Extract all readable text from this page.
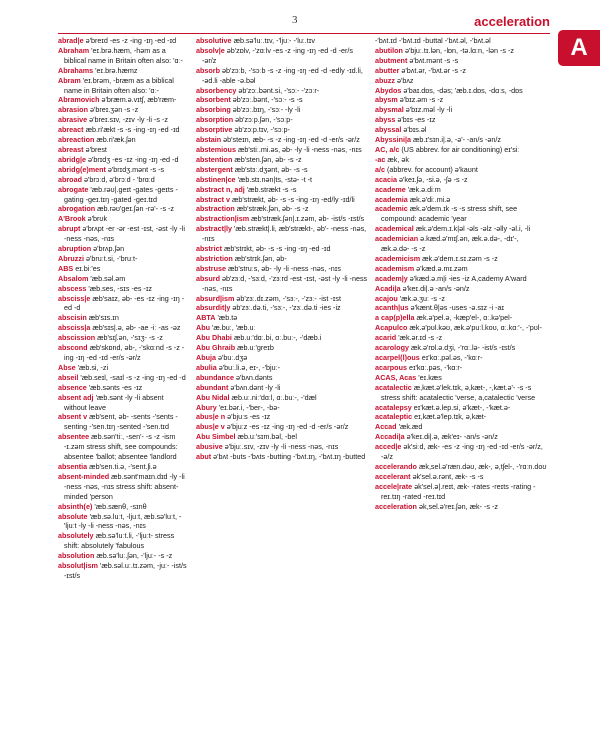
3	acceleration
A

abrad|e ə'breɪd -es -z -ing -ɪŋ -ed -ɪd

Abraham 'eɪ.brə.hæm, -həm as a biblical name in Britain often also: 'ɑː-

Abrahams 'eɪ.brə.hæmz

Abram 'eɪ.brəm, -bræm as a biblical name in Britain often also: 'ɑː-

Abramovich ə'bræm.ə.vɪtʃ, æb'ræm-

abrasion ə'breɪ.ʒən -s -z

abrasive ə'breɪ.sɪv, -zɪv -ly -li -s -z

abreact æb.ri'ækt -s -s -ing -ɪŋ -ed -ɪd

abreaction æb.ri'æk.ʃən

abreast ə'brest

abridg|e ə'brɪdʒ -es -ɪz -ing -ɪŋ -ed -d

abridg(e)ment ə'brɪdʒ.mənt -s -s

abroad ə'brɔːd, ə'brɔːd - 'brɑːd

abrogate 'æb.rəʊ|.geɪt -gates -geɪts -gating -geɪ.tɪŋ -gated -geɪ.tɪd

abrogation æb.rəʊ'geɪ.ʃən -rə'- -s -z

A'Brook ə'brʊk

abrupt ə'brʌpt -er -ər -est -ɪst, -əst -ly -li -ness -nəs, -nɪs

abruption ə'brʌp.ʃən

Abruzzi ə'bruːt.si, -'bruːt-

ABS eɪ.biː'es

Absalom 'æb.səl.əm

abscess 'æb.ses, -sɪs -es -ɪz

absciss|e æb'saɪz, əb- -es -ɪz -ing -ɪŋ -ed -d

abscisin æb'sɪs.ɪn

absciss|a æb'sɪs|.ə, əb- -ae -iː -as -əz

abscission æb'sɪʃ.ən, -'sɪʒ- -s -z

abscond æb'skɒnd, əb-, -'skɑːnd -s -z -ing -ɪŋ -ed -ɪd -er/s -ər/z

Abse 'æb.si, -zi

abseil 'æb.seɪl, -saɪl -s -z -ing -ɪŋ -ed -d

absence 'æb.sənts -es -ɪz

absent adj 'æb.sənt -ly -li absent without leave

absent v æb'sent, əb- -sents -'sents -senting -'sen.tɪŋ -sented -'sen.tɪd

absentee æb.sən'tiː, -sen'- -s -z -ism -ɪ.zəm stress shift, see compounds: absentee 'ballot; absentee 'landlord

absentia æb'sen.ti.ə, -'sent.ʃi.ə

absent-minded æb.sənt'maɪn.dɪd -ly -li -ness -nəs, -nɪs stress shift: absent-minded 'person

absinth(e) 'æb.sænθ, -sɪnθ

absolute 'æb.sə.luːt, -ljuːt, æb.sə'luːt, -'ljuːt -ly -li -ness -nəs, -nɪs

absolutely æb.sə'luːt.li, -'ljuːt- stress shift: absolutely 'fabulous

absolution æb.sə'luː.ʃən, -'ljuː- -s -z

absolut|ism 'æb.səl.uː.tɪ.zəm, -juː- -ist/s -ɪst/s

absolutive æb.sə'luː.tɪv, -'ljuː- -'luː.tɪv

absolv|e əb'zɒlv, -'zɑːlv -es -z -ing -ɪŋ -ed -d -er/s -ər/z

absorb əb'zɔːb, -'sɔːb -s -z -ing -ɪŋ -ed -d -edly -ɪd.li, -əd.li -able -ə.bəl

absorbency əb'zɔː.bənt.si, -'sɔː- -'zɔːr-

absorbent əb'zɔː.bənt, -'sɔː- -s -s

absorbing əb'zɔː.bɪŋ, -'sɔː- -ly -li

absorption əb'zɔːp.ʃən, -'sɔːp-

absorptive əb'zɔːp.tɪv, -'sɔːp-

abstain əb'steɪn, æb- -s -z -ing -ɪŋ -ed -d -er/s -ər/z

abstemious æb'stiː.mi.əs, əb- -ly -li -ness -nəs, -nɪs

abstention æb'sten.ʃən, əb- -s -z

abstergent æb'stɜː.dʒənt, əb- -s -s

abstinen|ce 'æb.stɪ.nən|ts, -stə- -t -t

abstract n, adj 'æb.strækt -s -s

abstract v æb'strækt, əb- -s -s -ing -ɪŋ -ed/ly -ɪd/li

abstraction æb'stræk.ʃən, əb- -s -z

abstraction|ism æb'stræk.ʃən|.ɪ.zəm, əb- -ist/s -ɪst/s

abstract|ly 'æb.strækt|.li, æb'strækt-, əb'- -ness -nəs, -nɪs

abstrict æb'strɪkt, əb- -s -s -ing -ɪŋ -ed -ɪd

abstriction æb'strɪk.ʃən, əb-

abstruse æb'struːs, əb- -ly -li -ness -nəs, -nɪs

absurd əb'zɜːd, -'sɜːd, -'zɜːrd -est -ɪst, -əst -ly -li -ness -nəs, -nɪs

absurd|ism əb'zɜː.dɪ.zəm, -'sɜː-, -'zɜː- -ist -ɪst

absurdit|y əb'zɜː.də.ti, -'sɜː-, -'zɜː.də.ti -ies -iz

ABTA 'æb.tə

Abu 'æ.buː, 'æb.uː

Abu Dhabi æb.uː'dɑː.bi, ɑː.buː-, -'dæb.i

Abu Ghraib æb.uː'greɪb

Abuja ə'buː.dʒə

abulia ə'buː.li.ə, eɪ-, -'bjuː-

abundance ə'bʌn.dənts

abundant ə'bʌn.dənt -ly -li

Abu Nidal æb.uː.niː'dɑːl, ɑː.buː-, -'dæl

Abury 'eɪ.bər.i, -'ber-, -bə-

abus|e n ə'bjuːs -es -ɪz

abus|e v ə'bjuːz -es -ɪz -ing -ɪŋ -ed -d -er/s -ər/z

Abu Simbel æb.uː'sɪm.bəl, -bel

abusive ə'bjuː.sɪv, -zɪv -ly -li -ness -nəs, -nɪs

abut ə'bʌt -buts -'bʌts -butting -'bʌt.ɪŋ, -'bʌt.ɪŋ -butted

-'bʌt.ɪd -'bʌt.ɪd -buttal -'bʌt.əl, -'bʌt.əl

abutilon ə'bjuː.tɪ.lən, -lɒn, -tə.lɑːn, -lən -s -z

abutment ə'bʌt.mənt -s -s

abutter ə'bʌt.ər, -'bʌt.ər -s -z

abuzz ə'bʌz

Abydos ə'baɪ.dɒs, -dəs; 'æb.ɪ.dɒs, -dɑːs, -dɒs

abysm ə'bɪz.əm -s -z

abysmal ə'bɪz.məl -ly -li

abyss ə'bɪs -es -ɪz

abyssal ə'bɪs.əl

Abyssini|a æb.ɪ'sɪn.i|.ə, -ə'- -an/s -ən/z

AC, a/c (US abbrev. for air conditioning) eɪ'siː

-ac æk, ək

a/c (abbrev. for account) ə'kaʊnt

acacia ə'keɪ.ʃə, -si.ə, -ʃə -s -z

academe 'æk.ə.diːm

academia æk.ə'diː.mi.ə

academic æk.ə'dem.ɪk -s -s stress shift, see compound: academic 'year

academical æk.ə'dem.ɪ.k|əl -əls -əlz -əlly -əl.i, -li

academician ə.kæd.ə'mɪʃ.ən, æk.ə.də-, -dɪ'-, æk.ə.də- -s -z

academicism æk.ə'dem.ɪ.sɪ.zəm -s -z

academism ə'kæd.ə.mɪ.zəm

academ|y ə'kæd.ə.m|i -ies -iz A,cademy A'ward

Acadi|a ə'keɪ.di|.ə -an/s -ən/z

acajou 'æk.ə.ʒuː -s -z

acanth|us ə'kænt.θ|əs -uses -ə.sɪz -i -aɪ

a cap(p)ella æk.ə'pel.ə, -kæp'el-, ɑː.kə'pel-

Acapulco æk.ə'pʊl.kəʊ, æk.ə'puːl.koʊ, ɑː.kɑː'-, -'pʊl-

acarid 'æk.ər.ɪd -s -z

acarology æk.ə'rɒl.ə.dʒi, -'rɑː.lə- -ist/s -ɪst/s

acarpel(l)ous eɪ'kɑː.pəl.əs, -'kɑːr-

acarpous eɪ'kɑː.pəs, -'kɑːr-

ACAS, Acas 'eɪ.kæs

acatalectic æ,kæt.ə'lek.tɪk, ə,kæt-, -,kæt.ə'- -s -s stress shift: acatalectic 'verse, a,catalectic 'verse

acatalepsy eɪ'kæt.ə.lep.si, ə'kæt-, -'kæt.ə-

acataleptic eɪ,kæt.ə'lep.tɪk, ə,kæt-

Accad 'æk.æd

Accadi|a ə'keɪ.di|.ə, æk'eɪ- -an/s -ən/z

acced|e ək'siːd, æk- -es -z -ing -ɪŋ -ed -ɪd -er/s -ər/z, -ə/z

accelerando æk,sel.ə'ræn.dəʊ, æk-, ə,tʃel-, -'rɑːn.doʊ

accelerant ək'sel.ə.rənt, æk- -s -s

accele|rate ək'sel.ə|.reɪt, æk- -rates -reɪts -rating -reɪ.tɪŋ -rated -reɪ.tɪd

acceleration ək,sel.ə'reɪ.ʃən, æk- -s -z
